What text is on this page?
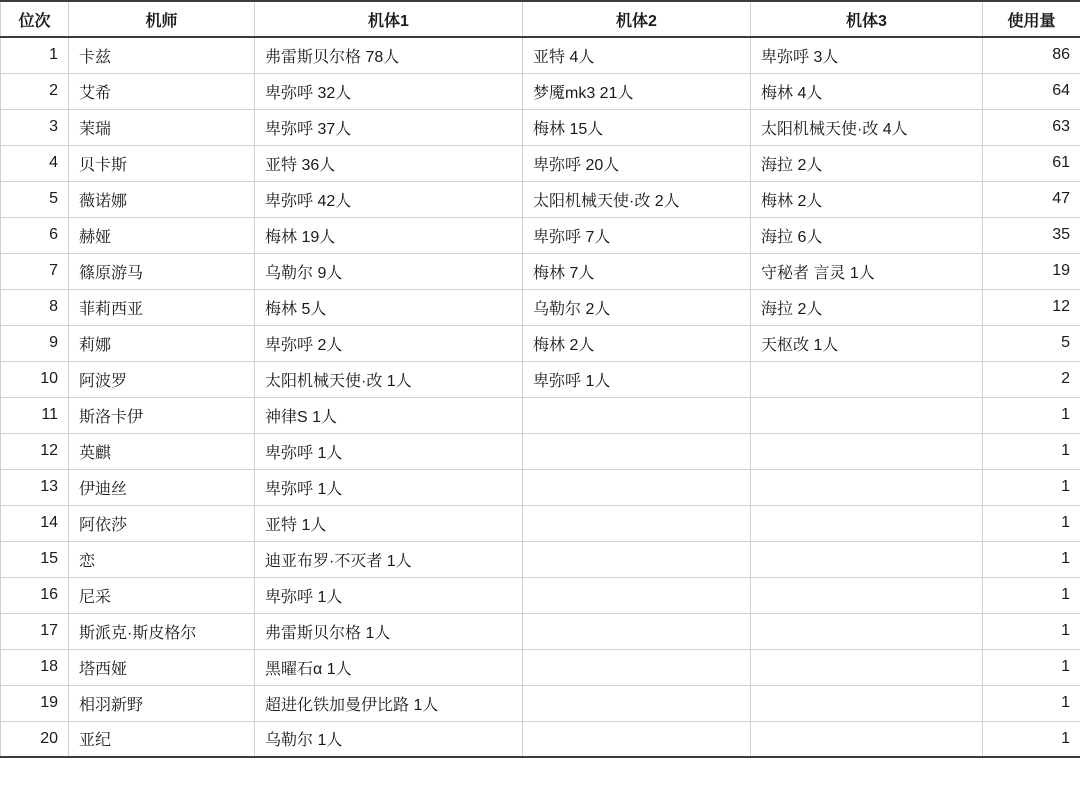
位次	机师	机体1	机体2	机体3	使用量
1	卡兹	弗雷斯贝尔格 78人	亚特 4人	卑弥呼 3人	86
2	艾希	卑弥呼 32人	梦魇mk3 21人	梅林 4人	64
3	茉瑞	卑弥呼 37人	梅林 15人	太阳机械天使·改 4人	63
4	贝卡斯	亚特 36人	卑弥呼 20人	海拉 2人	61
5	薇诺娜	卑弥呼 42人	太阳机械天使·改 2人	梅林 2人	47
6	赫娅	梅林 19人	卑弥呼 7人	海拉 6人	35
7	篠原游马	乌勒尔 9人	梅林 7人	守秘者 言灵 1人	19
8	菲莉西亚	梅林 5人	乌勒尔 2人	海拉 2人	12
9	莉娜	卑弥呼 2人	梅林 2人	天枢改 1人	5
10	阿波罗	太阳机械天使·改 1人	卑弥呼 1人		2
11	斯洛卡伊	神律S 1人			1
12	英麒	卑弥呼 1人			1
13	伊迪丝	卑弥呼 1人			1
14	阿依莎	亚特 1人			1
15	恋	迪亚布罗·不灭者 1人			1
16	尼采	卑弥呼 1人			1
17	斯派克·斯皮格尔	弗雷斯贝尔格 1人			1
18	塔西娅	黑曜石α 1人			1
19	相羽新野	超进化铁加曼伊比路 1人			1
20	亚纪	乌勒尔 1人			1
